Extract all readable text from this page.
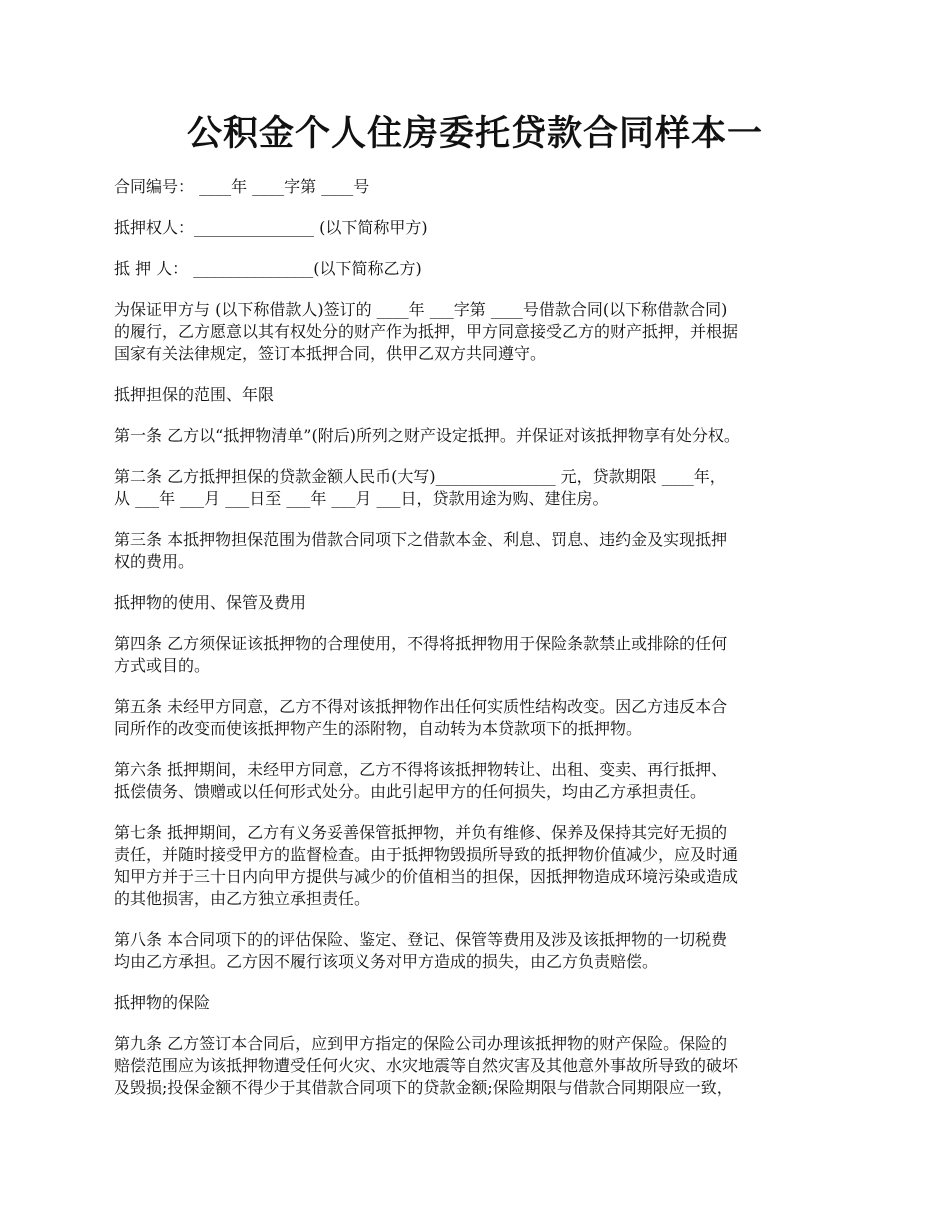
公积金个人住房委托贷款合同样本一

合同编号： ____年 ____字第 ____号

抵押权人：_______________ (以下简称甲方)

抵 押 人： _______________(以下简称乙方)

为保证甲方与 (以下称借款人)签订的 ____年 ___字第 ____号借款合同(以下称借款合同)
的履行，乙方愿意以其有权处分的财产作为抵押，甲方同意接受乙方的财产抵押，并根据
国家有关法律规定，签订本抵押合同，供甲乙双方共同遵守。

抵押担保的范围、年限

第一条 乙方以“抵押物清单”(附后)所列之财产设定抵押。并保证对该抵押物享有处分权。

第二条 乙方抵押担保的贷款金额人民币(大写)_______________ 元，贷款期限 ____年，
从 ___年 ___月 ___日至 ___年 ___月 ___日，贷款用途为购、建住房。

第三条 本抵押物担保范围为借款合同项下之借款本金、利息、罚息、违约金及实现抵押
权的费用。

抵押物的使用、保管及费用

第四条 乙方须保证该抵押物的合理使用，不得将抵押物用于保险条款禁止或排除的任何
方式或目的。

第五条 未经甲方同意，乙方不得对该抵押物作出任何实质性结构改变。因乙方违反本合
同所作的改变而使该抵押物产生的添附物，自动转为本贷款项下的抵押物。

第六条 抵押期间，未经甲方同意，乙方不得将该抵押物转让、出租、变卖、再行抵押、
抵偿债务、馈赠或以任何形式处分。由此引起甲方的任何损失，均由乙方承担责任。

第七条 抵押期间，乙方有义务妥善保管抵押物，并负有维修、保养及保持其完好无损的
责任，并随时接受甲方的监督检查。由于抵押物毁损所导致的抵押物价值减少，应及时通
知甲方并于三十日内向甲方提供与减少的价值相当的担保，因抵押物造成环境污染或造成
的其他损害，由乙方独立承担责任。

第八条 本合同项下的的评估保险、鉴定、登记、保管等费用及涉及该抵押物的一切税费
均由乙方承担。乙方因不履行该项义务对甲方造成的损失，由乙方负责赔偿。

抵押物的保险

第九条 乙方签订本合同后，应到甲方指定的保险公司办理该抵押物的财产保险。保险的
赔偿范围应为该抵押物遭受任何火灾、水灾地震等自然灾害及其他意外事故所导致的破坏
及毁损;投保金额不得少于其借款合同项下的贷款金额;保险期限与借款合同期限应一致，
